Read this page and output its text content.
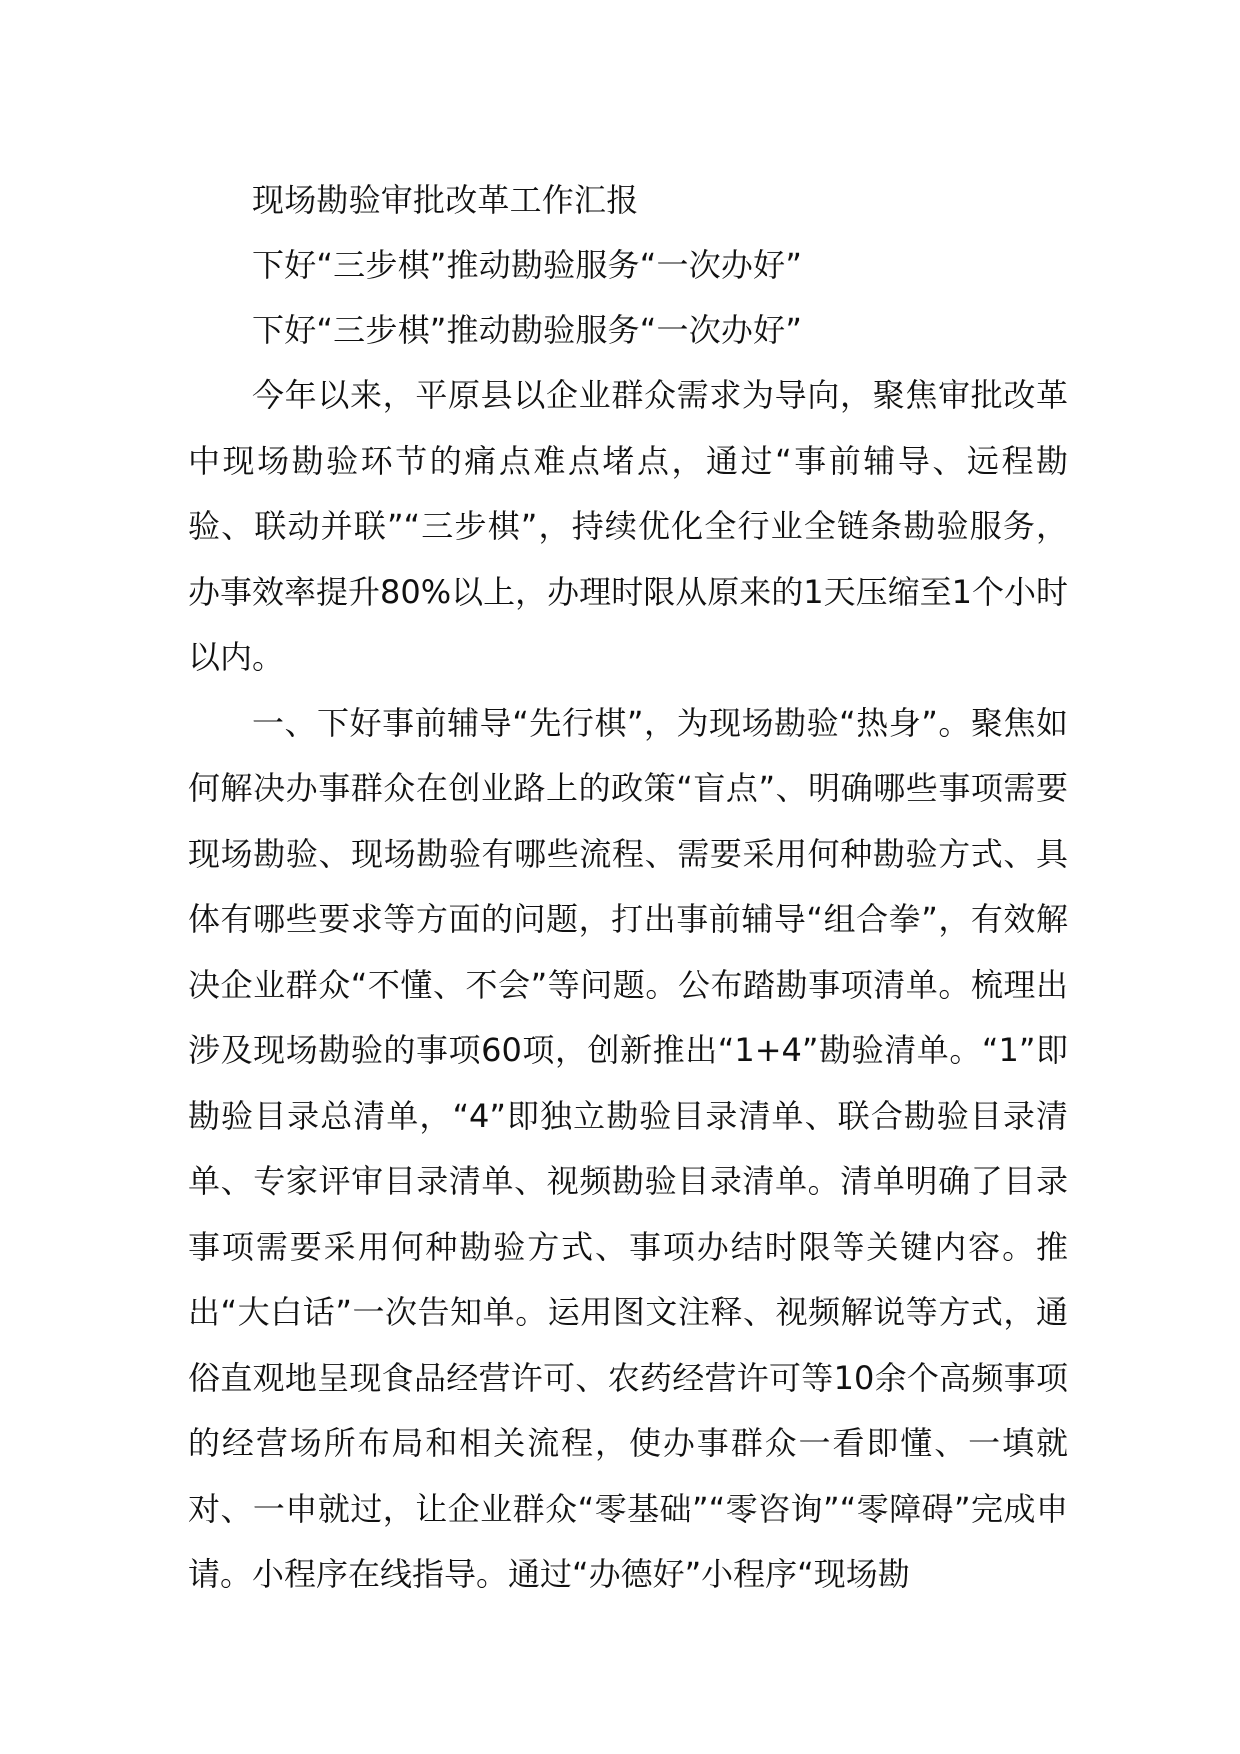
现场勘验审批改革工作汇报

下好“三步棋”推动勘验服务“一次办好”

下好“三步棋”推动勘验服务“一次办好”

今年以来，平原县以企业群众需求为导向，聚焦审批改革中现场勘验环节的痛点难点堵点，通过“事前辅导、远程勘验、联动并联”“三步棋”，持续优化全行业全链条勘验服务，办事效率提升80%以上，办理时限从原来的1天压缩至1个小时以内。

一、下好事前辅导“先行棋”，为现场勘验“热身”。聚焦如何解决办事群众在创业路上的政策“盲点”、明确哪些事项需要现场勘验、现场勘验有哪些流程、需要采用何种勘验方式、具体有哪些要求等方面的问题，打出事前辅导“组合拳”，有效解决企业群众“不懂、不会”等问题。公布踏勘事项清单。梳理出涉及现场勘验的事项60项，创新推出“1+4”勘验清单。“1”即勘验目录总清单，“4”即独立勘验目录清单、联合勘验目录清单、专家评审目录清单、视频勘验目录清单。清单明确了目录事项需要采用何种勘验方式、事项办结时限等关键内容。推出“大白话”一次告知单。运用图文注释、视频解说等方式，通俗直观地呈现食品经营许可、农药经营许可等10余个高频事项的经营场所布局和相关流程，使办事群众一看即懂、一填就对、一申就过，让企业群众“零基础”“零咨询”“零障碍”完成申请。小程序在线指导。通过“办德好”小程序“现场勘
